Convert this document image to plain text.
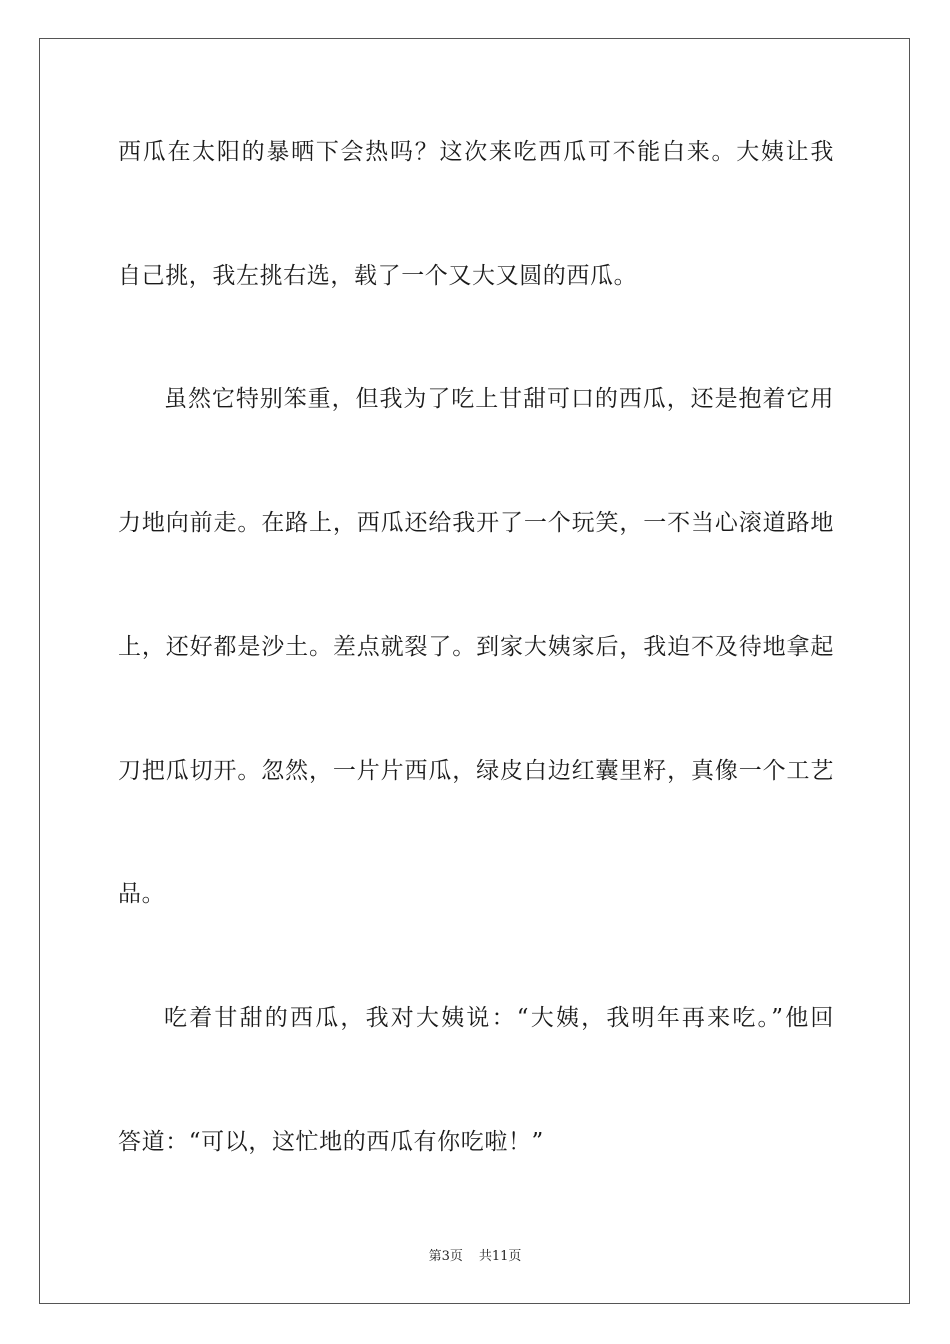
西瓜在太阳的暴晒下会热吗？这次来吃西瓜可不能白来。大姨让我
自己挑，我左挑右选，载了一个又大又圆的西瓜。
虽然它特别笨重，但我为了吃上甘甜可口的西瓜，还是抱着它用
力地向前走。在路上，西瓜还给我开了一个玩笑，一不当心滚道路地
上，还好都是沙土。差点就裂了。到家大姨家后，我迫不及待地拿起
刀把瓜切开。忽然，一片片西瓜，绿皮白边红囊里籽，真像一个工艺
品。
吃着甘甜的西瓜，我对大姨说：“大姨，我明年再来吃。”他回
答道：“可以，这忙地的西瓜有你吃啦！”
第3页 共11页
